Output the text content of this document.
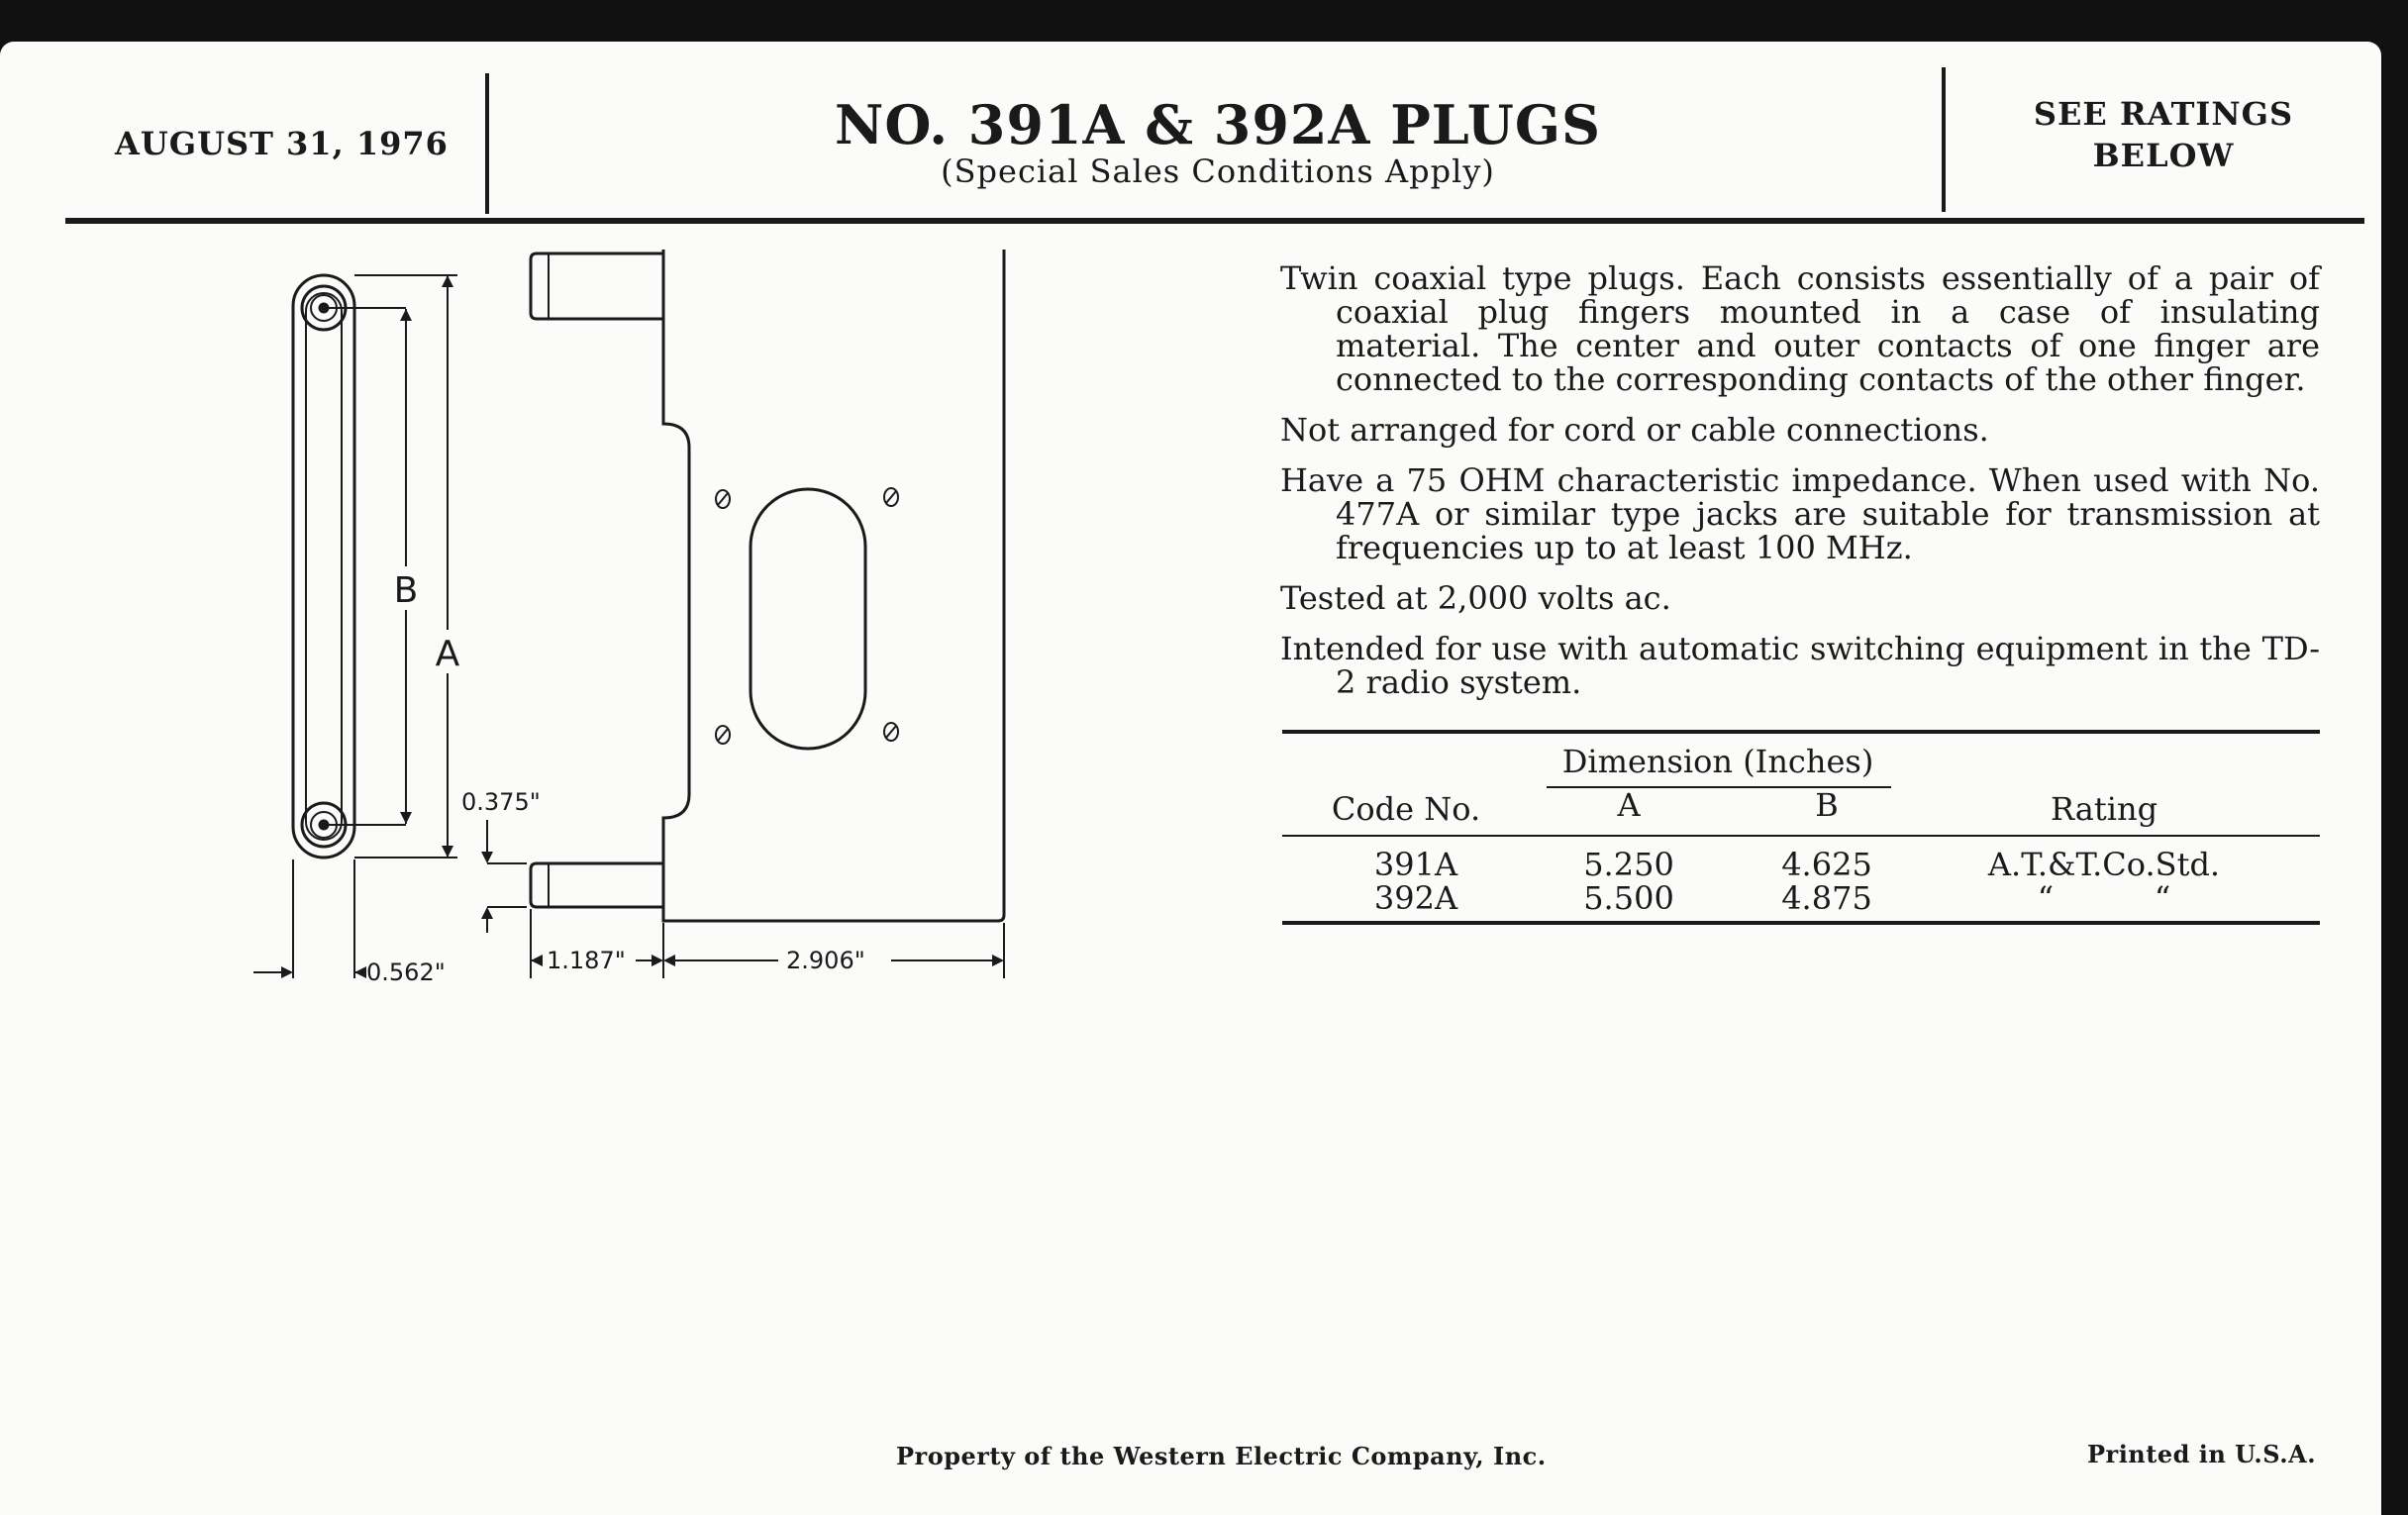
AUGUST 31, 1976	NO. 391A & 392A PLUGS
(Special Sales Conditions Apply)
SEE RATINGS
BELOW
B
A
0.562"
0.375"
1.187"	2.906"

Twin coaxial type plugs. Each consists essentially of a pair of coaxial plug fingers mounted in a case of insulating material. The center and outer contacts of one finger are connected to the corresponding contacts of the other finger.

Not arranged for cord or cable connections.

Have a 75 OHM characteristic impedance. When used with No. 477A or similar type jacks are suitable for transmission at frequencies up to at least 100 MHz.

Tested at 2,000 volts ac.

Intended for use with automatic switching equipment in the TD-2 radio system.

Dimension (Inches)
Code No.	A	B	Rating
391A	5.250	4.625	A.T.&T.Co.Std.
392A	5.500	4.875	“          “
Property of the Western Electric Company, Inc.	Printed in U.S.A.
